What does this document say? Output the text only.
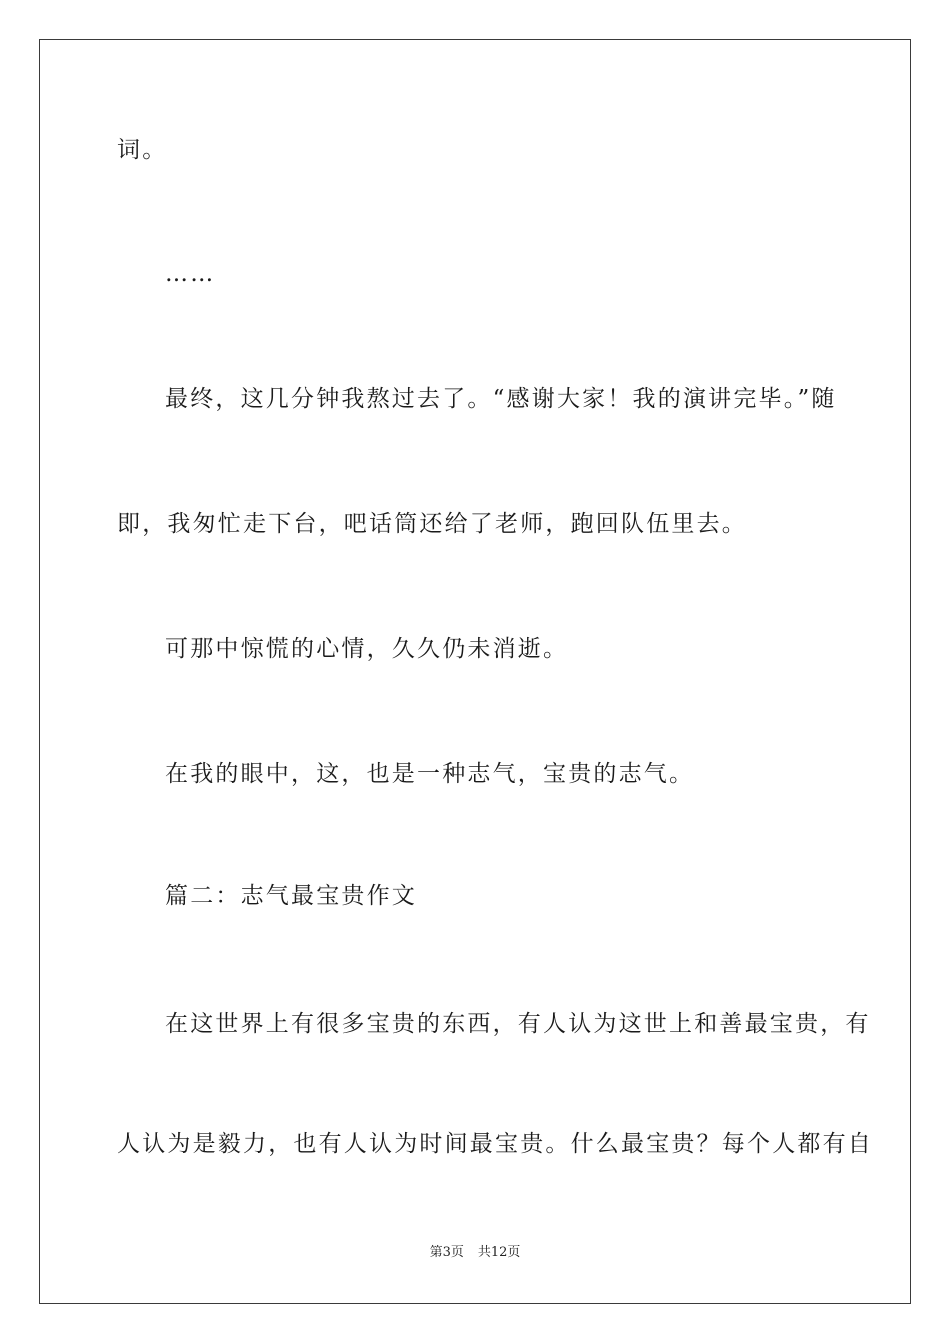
词。
……
最终，这几分钟我熬过去了。“感谢大家！我的演讲完毕。”随
即，我匆忙走下台，吧话筒还给了老师，跑回队伍里去。
可那中惊慌的心情，久久仍未消逝。
在我的眼中，这，也是一种志气，宝贵的志气。
篇二：志气最宝贵作文
在这世界上有很多宝贵的东西，有人认为这世上和善最宝贵，有
人认为是毅力，也有人认为时间最宝贵。什么最宝贵？每个人都有自
第3页 共12页
